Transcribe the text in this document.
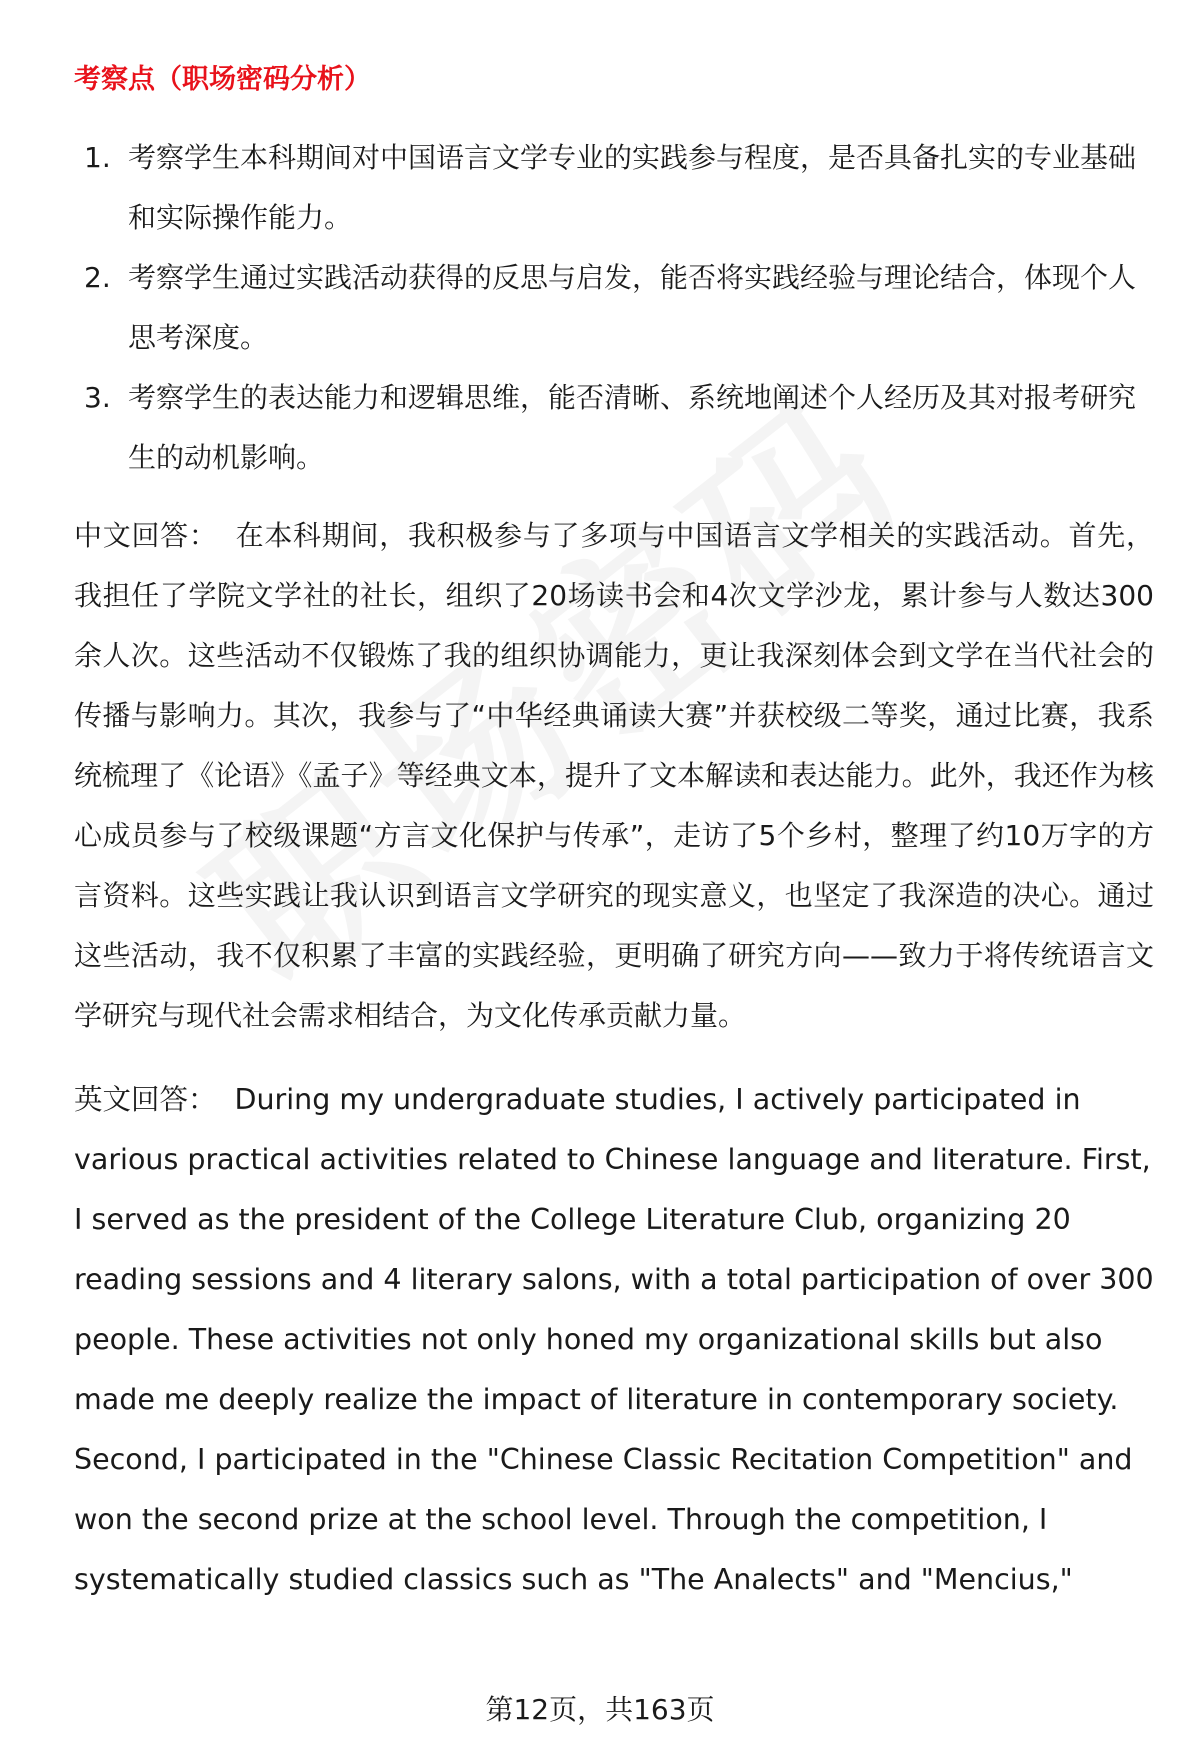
考察点（职场密码分析）
1. 考察学生本科期间对中国语言文学专业的实践参与程度，是否具备扎实的专业基础和实际操作能力。
2. 考察学生通过实践活动获得的反思与启发，能否将实践经验与理论结合，体现个人思考深度。
3. 考察学生的表达能力和逻辑思维，能否清晰、系统地阐述个人经历及其对报考研究生的动机影响。

中文回答： 在本科期间，我积极参与了多项与中国语言文学相关的实践活动。首先，我担任了学院文学社的社长，组织了20场读书会和4次文学沙龙，累计参与人数达300余人次。这些活动不仅锻炼了我的组织协调能力，更让我深刻体会到文学在当代社会的传播与影响力。其次，我参与了“中华经典诵读大赛”并获校级二等奖，通过比赛，我系统梳理了《论语》《孟子》等经典文本，提升了文本解读和表达能力。此外，我还作为核心成员参与了校级课题“方言文化保护与传承”，走访了5个乡村，整理了约10万字的方言资料。这些实践让我认识到语言文学研究的现实意义，也坚定了我深造的决心。通过这些活动，我不仅积累了丰富的实践经验，更明确了研究方向——致力于将传统语言文学研究与现代社会需求相结合，为文化传承贡献力量。

英文回答： During my undergraduate studies, I actively participated in various practical activities related to Chinese language and literature. First, I served as the president of the College Literature Club, organizing 20 reading sessions and 4 literary salons, with a total participation of over 300 people. These activities not only honed my organizational skills but also made me deeply realize the impact of literature in contemporary society. Second, I participated in the "Chinese Classic Recitation Competition" and won the second prize at the school level. Through the competition, I systematically studied classics such as "The Analects" and "Mencius,"

第12页，共163页
